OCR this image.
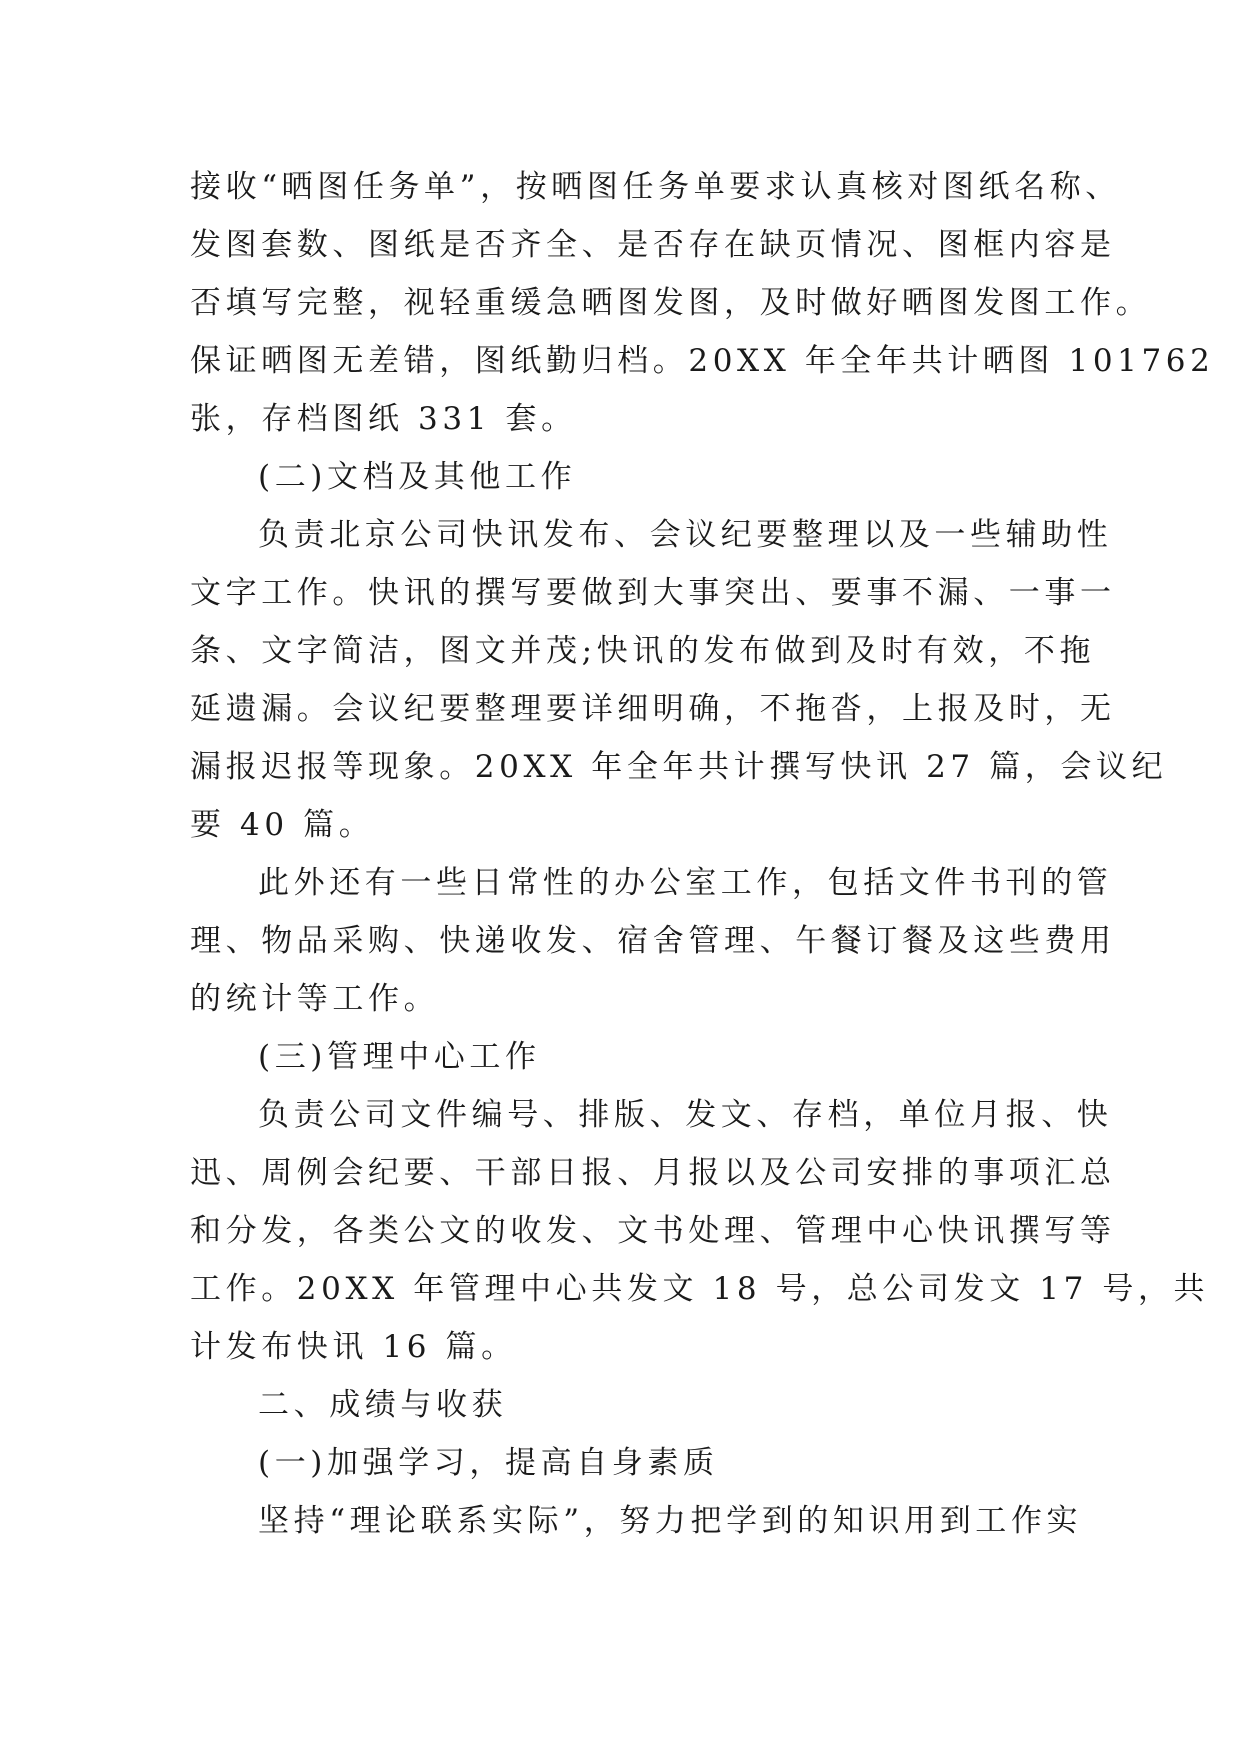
接收“晒图任务单”，按晒图任务单要求认真核对图纸名称、
发图套数、图纸是否齐全、是否存在缺页情况、图框内容是
否填写完整，视轻重缓急晒图发图，及时做好晒图发图工作。
保证晒图无差错，图纸勤归档。20XX 年全年共计晒图 101762
张，存档图纸 331 套。
(二)文档及其他工作
负责北京公司快讯发布、会议纪要整理以及一些辅助性
文字工作。快讯的撰写要做到大事突出、要事不漏、一事一
条、文字简洁，图文并茂;快讯的发布做到及时有效，不拖
延遗漏。会议纪要整理要详细明确，不拖沓，上报及时，无
漏报迟报等现象。20XX 年全年共计撰写快讯 27 篇，会议纪
要 40 篇。
此外还有一些日常性的办公室工作，包括文件书刊的管
理、物品采购、快递收发、宿舍管理、午餐订餐及这些费用
的统计等工作。
(三)管理中心工作
负责公司文件编号、排版、发文、存档，单位月报、快
迅、周例会纪要、干部日报、月报以及公司安排的事项汇总
和分发，各类公文的收发、文书处理、管理中心快讯撰写等
工作。20XX 年管理中心共发文 18 号，总公司发文 17 号，共
计发布快讯 16 篇。
二、成绩与收获
(一)加强学习，提高自身素质
坚持“理论联系实际”，努力把学到的知识用到工作实
